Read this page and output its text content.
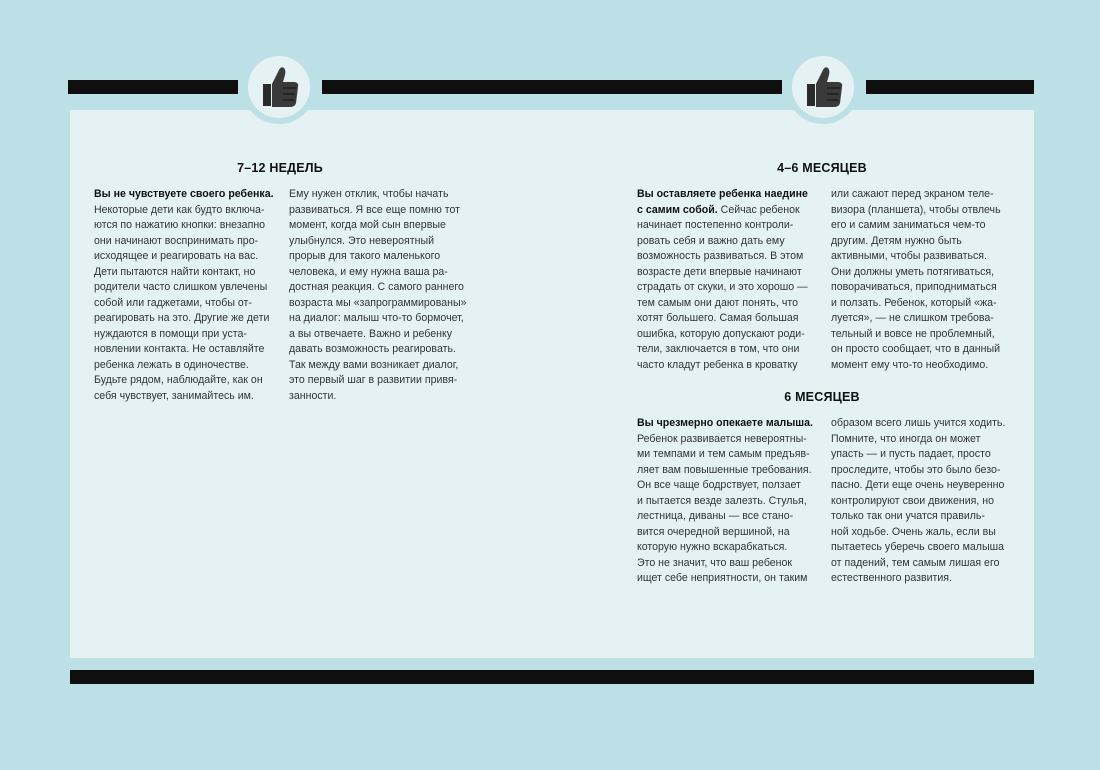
7–12 НЕДЕЛЬ

Вы не чувствуете своего ребенка.
Некоторые дети как будто включа-
ются по нажатию кнопки: внезапно
они начинают воспринимать про-
исходящее и реагировать на вас.
Дети пытаются найти контакт, но
родители часто слишком увлечены
собой или гаджетами, чтобы от-
реагировать на это. Другие же дети
нуждаются в помощи при уста-
новлении контакта. Не оставляйте
ребенка лежать в одиночестве.
Будьте рядом, наблюдайте, как он
себя чувствует, занимайтесь им.

Ему нужен отклик, чтобы начать
развиваться. Я все еще помню тот
момент, когда мой сын впервые
улыбнулся. Это невероятный
прорыв для такого маленького
человека, и ему нужна ваша ра-
достная реакция. С самого раннего
возраста мы «запрограммированы»
на диалог: малыш что-то бормочет,
а вы отвечаете. Важно и ребенку
давать возможность реагировать.
Так между вами возникает диалог,
это первый шаг в развитии привя-
занности.

4–6 МЕСЯЦЕВ

Вы оставляете ребенка наедине
с самим собой. Сейчас ребенок
начинает постепенно контроли-
ровать себя и важно дать ему
возможность развиваться. В этом
возрасте дети впервые начинают
страдать от скуки, и это хорошо —
тем самым они дают понять, что
хотят большего. Самая большая
ошибка, которую допускают роди-
тели, заключается в том, что они
часто кладут ребенка в кроватку

или сажают перед экраном теле-
визора (планшета), чтобы отвлечь
его и самим заниматься чем-то
другим. Детям нужно быть
активными, чтобы развиваться.
Они должны уметь потягиваться,
поворачиваться, приподниматься
и ползать. Ребенок, который «жа-
луется», — не слишком требова-
тельный и вовсе не проблемный,
он просто сообщает, что в данный
момент ему что-то необходимо.

6 МЕСЯЦЕВ

Вы чрезмерно опекаете малыша.
Ребенок развивается невероятны-
ми темпами и тем самым предъяв-
ляет вам повышенные требования.
Он все чаще бодрствует, ползает
и пытается везде залезть. Стулья,
лестница, диваны — все стано-
вится очередной вершиной, на
которую нужно вскарабкаться.
Это не значит, что ваш ребенок
ищет себе неприятности, он таким

образом всего лишь учится ходить.
Помните, что иногда он может
упасть — и пусть падает, просто
проследите, чтобы это было безо-
пасно. Дети еще очень неуверенно
контролируют свои движения, но
только так они учатся правиль-
ной ходьбе. Очень жаль, если вы
пытаетесь уберечь своего малыша
от падений, тем самым лишая его
естественного развития.
